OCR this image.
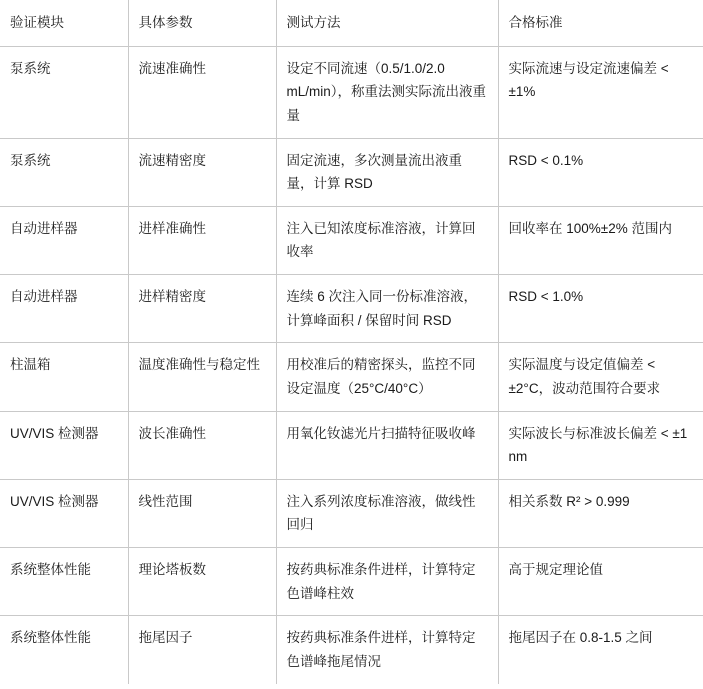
验证模块	具体参数	测试方法	合格标准
泵系统	流速准确性	设定不同流速（0.5/1.0/2.0 mL/min），称重法测实际流出液重量	实际流速与设定流速偏差 < ±1%
泵系统	流速精密度	固定流速，多次测量流出液重量，计算 RSD	RSD < 0.1%
自动进样器	进样准确性	注入已知浓度标准溶液，计算回收率	回收率在 100%±2% 范围内
自动进样器	进样精密度	连续 6 次注入同一份标准溶液，计算峰面积 / 保留时间 RSD	RSD < 1.0%
柱温箱	温度准确性与稳定性	用校准后的精密探头，监控不同设定温度（25°C/40°C）	实际温度与设定值偏差 < ±2°C，波动范围符合要求
UV/VIS 检测器	波长准确性	用氧化钕滤光片扫描特征吸收峰	实际波长与标准波长偏差 < ±1 nm
UV/VIS 检测器	线性范围	注入系列浓度标准溶液，做线性回归	相关系数 R² > 0.999
系统整体性能	理论塔板数	按药典标准条件进样，计算特定色谱峰柱效	高于规定理论值
系统整体性能	拖尾因子	按药典标准条件进样，计算特定色谱峰拖尾情况	拖尾因子在 0.8-1.5 之间
